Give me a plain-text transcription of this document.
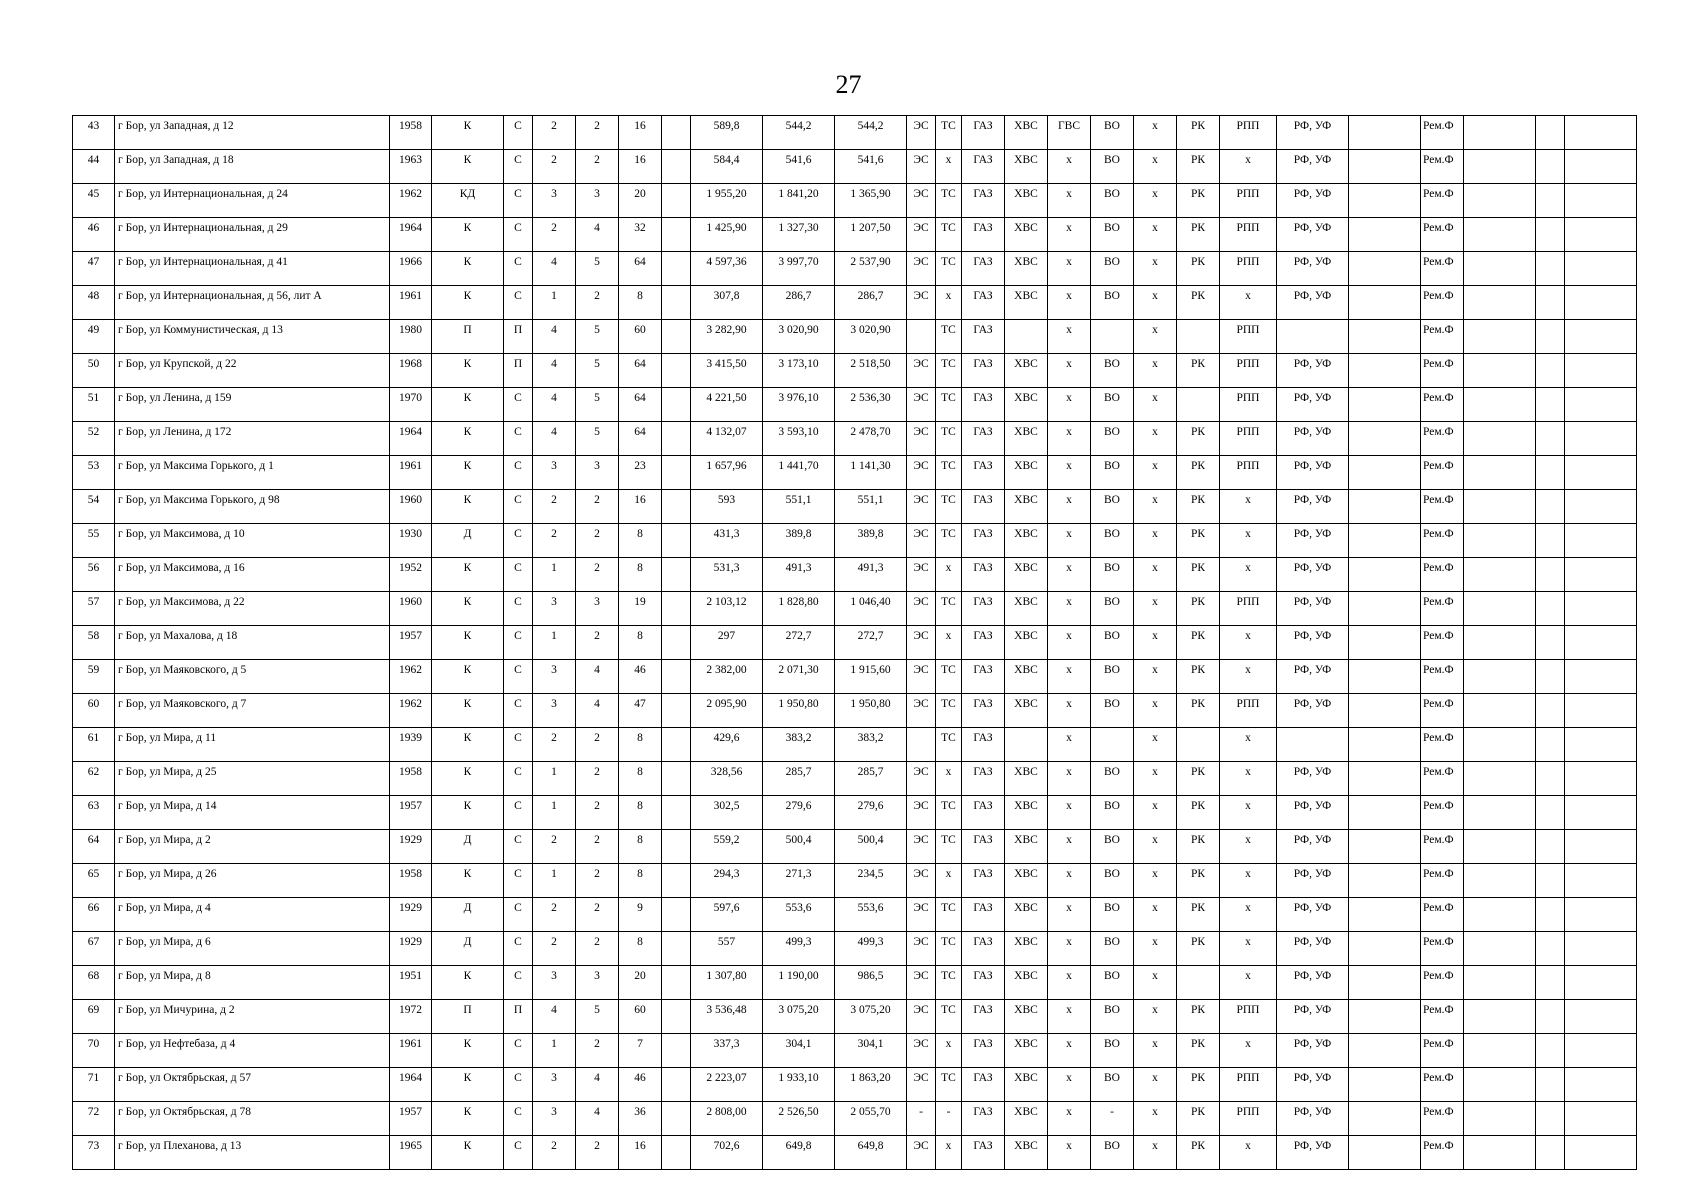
27
43	г Бор, ул Западная, д 12	1958	К	С	2	2	16		589,8	544,2	544,2	ЭС	ТС	ГАЗ	ХВС	ГВС	ВО	х	РК	РПП	РФ, УФ		Рем.Ф			
44	г Бор, ул Западная, д 18	1963	К	С	2	2	16		584,4	541,6	541,6	ЭС	х	ГАЗ	ХВС	х	ВО	х	РК	х	РФ, УФ		Рем.Ф			
45	г Бор, ул Интернациональная, д 24	1962	КД	С	3	3	20		1 955,20	1 841,20	1 365,90	ЭС	ТС	ГАЗ	ХВС	х	ВО	х	РК	РПП	РФ, УФ		Рем.Ф			
46	г Бор, ул Интернациональная, д 29	1964	К	С	2	4	32		1 425,90	1 327,30	1 207,50	ЭС	ТС	ГАЗ	ХВС	х	ВО	х	РК	РПП	РФ, УФ		Рем.Ф			
47	г Бор, ул Интернациональная, д 41	1966	К	С	4	5	64		4 597,36	3 997,70	2 537,90	ЭС	ТС	ГАЗ	ХВС	х	ВО	х	РК	РПП	РФ, УФ		Рем.Ф			
48	г Бор, ул Интернациональная, д 56, лит А	1961	К	С	1	2	8		307,8	286,7	286,7	ЭС	х	ГАЗ	ХВС	х	ВО	х	РК	х	РФ, УФ		Рем.Ф			
49	г Бор, ул Коммунистическая, д 13	1980	П	П	4	5	60		3 282,90	3 020,90	3 020,90		ТС	ГАЗ		х		х		РПП			Рем.Ф			
50	г Бор, ул Крупской, д 22	1968	К	П	4	5	64		3 415,50	3 173,10	2 518,50	ЭС	ТС	ГАЗ	ХВС	х	ВО	х	РК	РПП	РФ, УФ		Рем.Ф			
51	г Бор, ул Ленина, д 159	1970	К	С	4	5	64		4 221,50	3 976,10	2 536,30	ЭС	ТС	ГАЗ	ХВС	х	ВО	х		РПП	РФ, УФ		Рем.Ф			
52	г Бор, ул Ленина, д 172	1964	К	С	4	5	64		4 132,07	3 593,10	2 478,70	ЭС	ТС	ГАЗ	ХВС	х	ВО	х	РК	РПП	РФ, УФ		Рем.Ф			
53	г Бор, ул Максима Горького, д 1	1961	К	С	3	3	23		1 657,96	1 441,70	1 141,30	ЭС	ТС	ГАЗ	ХВС	х	ВО	х	РК	РПП	РФ, УФ		Рем.Ф			
54	г Бор, ул Максима Горького, д 98	1960	К	С	2	2	16		593	551,1	551,1	ЭС	ТС	ГАЗ	ХВС	х	ВО	х	РК	х	РФ, УФ		Рем.Ф			
55	г Бор, ул Максимова, д 10	1930	Д	С	2	2	8		431,3	389,8	389,8	ЭС	ТС	ГАЗ	ХВС	х	ВО	х	РК	х	РФ, УФ		Рем.Ф			
56	г Бор, ул Максимова, д 16	1952	К	С	1	2	8		531,3	491,3	491,3	ЭС	х	ГАЗ	ХВС	х	ВО	х	РК	х	РФ, УФ		Рем.Ф			
57	г Бор, ул Максимова, д 22	1960	К	С	3	3	19		2 103,12	1 828,80	1 046,40	ЭС	ТС	ГАЗ	ХВС	х	ВО	х	РК	РПП	РФ, УФ		Рем.Ф			
58	г Бор, ул Махалова, д 18	1957	К	С	1	2	8		297	272,7	272,7	ЭС	х	ГАЗ	ХВС	х	ВО	х	РК	х	РФ, УФ		Рем.Ф			
59	г Бор, ул Маяковского, д 5	1962	К	С	3	4	46		2 382,00	2 071,30	1 915,60	ЭС	ТС	ГАЗ	ХВС	х	ВО	х	РК	х	РФ, УФ		Рем.Ф			
60	г Бор, ул Маяковского, д 7	1962	К	С	3	4	47		2 095,90	1 950,80	1 950,80	ЭС	ТС	ГАЗ	ХВС	х	ВО	х	РК	РПП	РФ, УФ		Рем.Ф			
61	г Бор, ул Мира, д 11	1939	К	С	2	2	8		429,6	383,2	383,2		ТС	ГАЗ		х		х		х			Рем.Ф			
62	г Бор, ул Мира, д 25	1958	К	С	1	2	8		328,56	285,7	285,7	ЭС	х	ГАЗ	ХВС	х	ВО	х	РК	х	РФ, УФ		Рем.Ф			
63	г Бор, ул Мира, д 14	1957	К	С	1	2	8		302,5	279,6	279,6	ЭС	ТС	ГАЗ	ХВС	х	ВО	х	РК	х	РФ, УФ		Рем.Ф			
64	г Бор, ул Мира, д 2	1929	Д	С	2	2	8		559,2	500,4	500,4	ЭС	ТС	ГАЗ	ХВС	х	ВО	х	РК	х	РФ, УФ		Рем.Ф			
65	г Бор, ул Мира, д 26	1958	К	С	1	2	8		294,3	271,3	234,5	ЭС	х	ГАЗ	ХВС	х	ВО	х	РК	х	РФ, УФ		Рем.Ф			
66	г Бор, ул Мира, д 4	1929	Д	С	2	2	9		597,6	553,6	553,6	ЭС	ТС	ГАЗ	ХВС	х	ВО	х	РК	х	РФ, УФ		Рем.Ф			
67	г Бор, ул Мира, д 6	1929	Д	С	2	2	8		557	499,3	499,3	ЭС	ТС	ГАЗ	ХВС	х	ВО	х	РК	х	РФ, УФ		Рем.Ф			
68	г Бор, ул Мира, д 8	1951	К	С	3	3	20		1 307,80	1 190,00	986,5	ЭС	ТС	ГАЗ	ХВС	х	ВО	х		х	РФ, УФ		Рем.Ф			
69	г Бор, ул Мичурина, д 2	1972	П	П	4	5	60		3 536,48	3 075,20	3 075,20	ЭС	ТС	ГАЗ	ХВС	х	ВО	х	РК	РПП	РФ, УФ		Рем.Ф			
70	г Бор, ул Нефтебаза, д 4	1961	К	С	1	2	7		337,3	304,1	304,1	ЭС	х	ГАЗ	ХВС	х	ВО	х	РК	х	РФ, УФ		Рем.Ф			
71	г Бор, ул Октябрьская, д 57	1964	К	С	3	4	46		2 223,07	1 933,10	1 863,20	ЭС	ТС	ГАЗ	ХВС	х	ВО	х	РК	РПП	РФ, УФ		Рем.Ф			
72	г Бор, ул Октябрьская, д 78	1957	К	С	3	4	36		2 808,00	2 526,50	2 055,70	-	-	ГАЗ	ХВС	х	-	х	РК	РПП	РФ, УФ		Рем.Ф			
73	г Бор, ул Плеханова, д 13	1965	К	С	2	2	16		702,6	649,8	649,8	ЭС	х	ГАЗ	ХВС	х	ВО	х	РК	х	РФ, УФ		Рем.Ф			
